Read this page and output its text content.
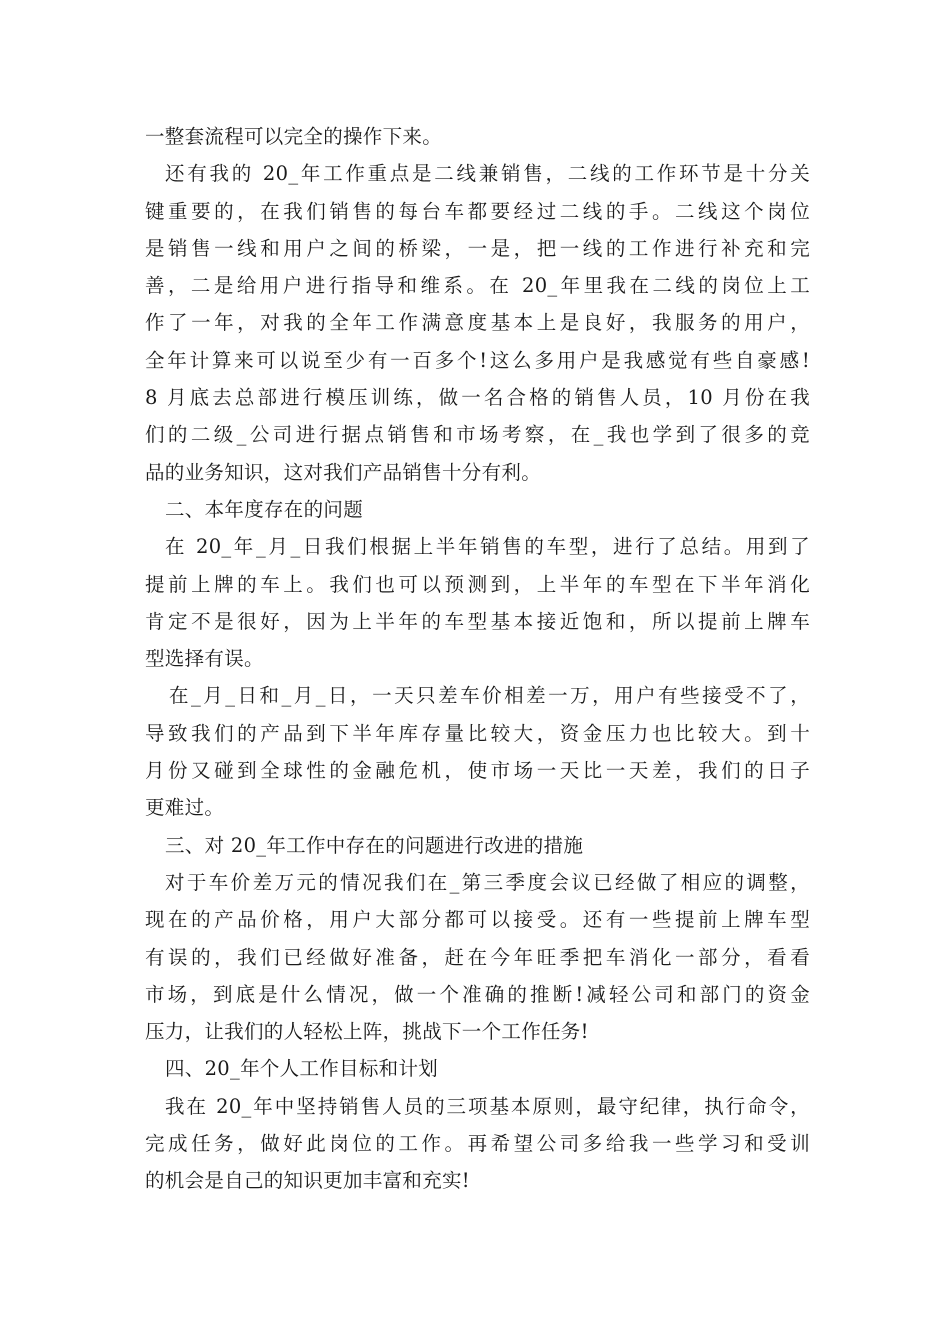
一整套流程可以完全的操作下来。
还有我的 20_年工作重点是二线兼销售，二线的工作环节是十分关
键重要的，在我们销售的每台车都要经过二线的手。二线这个岗位
是销售一线和用户之间的桥梁，一是，把一线的工作进行补充和完
善，二是给用户进行指导和维系。在 20_年里我在二线的岗位上工
作了一年，对我的全年工作满意度基本上是良好，我服务的用户，
全年计算来可以说至少有一百多个!这么多用户是我感觉有些自豪感!
8 月底去总部进行模压训练，做一名合格的销售人员，10 月份在我
们的二级_公司进行据点销售和市场考察，在_我也学到了很多的竞
品的业务知识，这对我们产品销售十分有利。
二、本年度存在的问题
在 20_年_月_日我们根据上半年销售的车型，进行了总结。用到了
提前上牌的车上。我们也可以预测到，上半年的车型在下半年消化
肯定不是很好，因为上半年的车型基本接近饱和，所以提前上牌车
型选择有误。
在_月_日和_月_日，一天只差车价相差一万，用户有些接受不了，
导致我们的产品到下半年库存量比较大，资金压力也比较大。到十
月份又碰到全球性的金融危机，使市场一天比一天差，我们的日子
更难过。
三、对 20_年工作中存在的问题进行改进的措施
对于车价差万元的情况我们在_第三季度会议已经做了相应的调整，
现在的产品价格，用户大部分都可以接受。还有一些提前上牌车型
有误的，我们已经做好准备，赶在今年旺季把车消化一部分，看看
市场，到底是什么情况，做一个准确的推断!减轻公司和部门的资金
压力，让我们的人轻松上阵，挑战下一个工作任务!
四、20_年个人工作目标和计划
我在 20_年中坚持销售人员的三项基本原则，最守纪律，执行命令，
完成任务，做好此岗位的工作。再希望公司多给我一些学习和受训
的机会是自己的知识更加丰富和充实!
